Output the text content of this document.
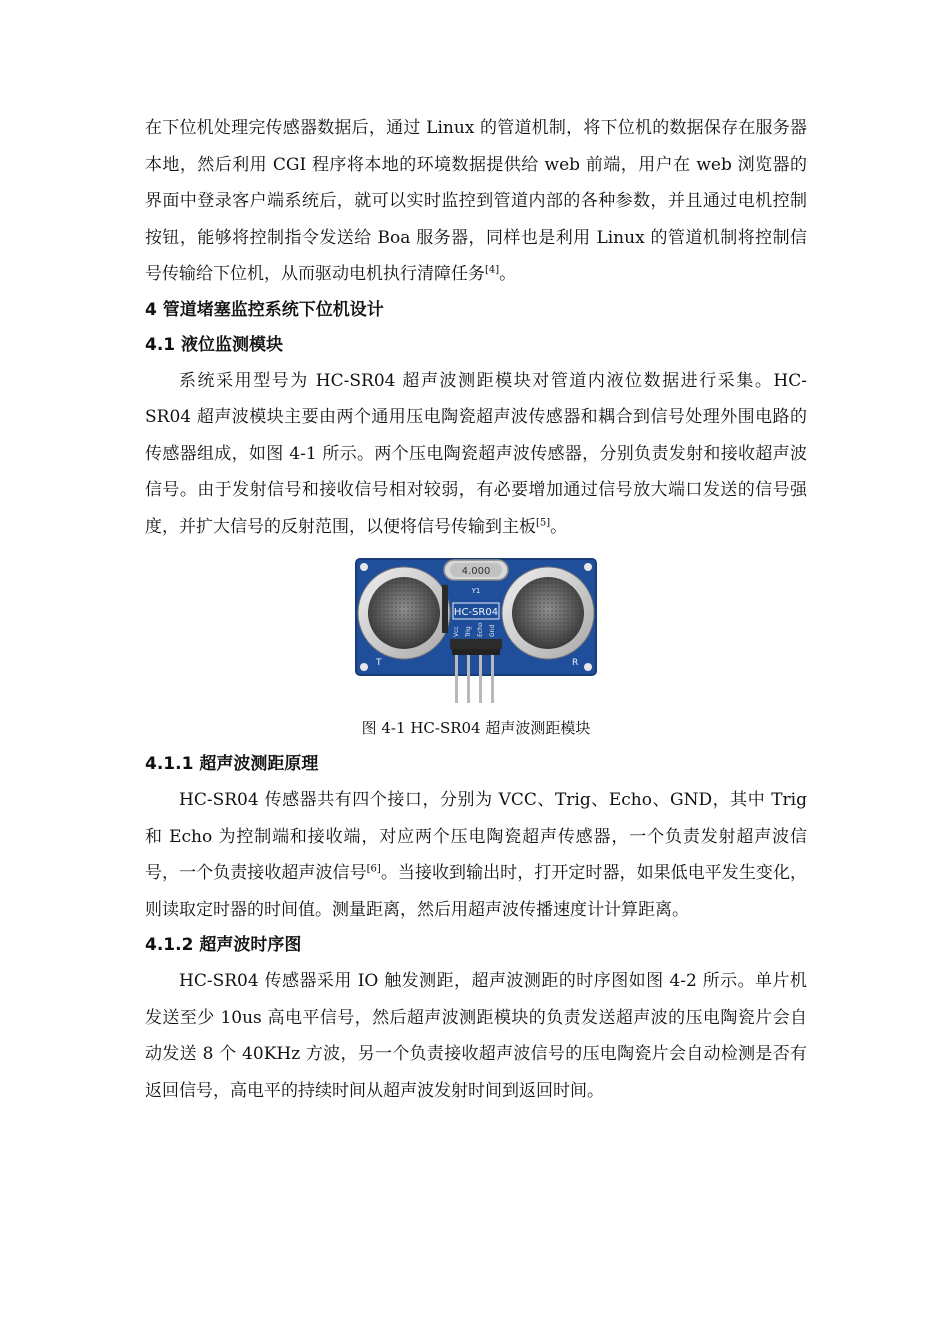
在下位机处理完传感器数据后，通过 Linux 的管道机制，将下位机的数据保存在服务器本地，然后利用 CGI 程序将本地的环境数据提供给 web 前端，用户在 web 浏览器的界面中登录客户端系统后，就可以实时监控到管道内部的各种参数，并且通过电机控制按钮，能够将控制指令发送给 Boa 服务器，同样也是利用 Linux 的管道机制将控制信号传输给下位机，从而驱动电机执行清障任务[4]。

4 管道堵塞监控系统下位机设计
4.1 液位监测模块

系统采用型号为 HC-SR04 超声波测距模块对管道内液位数据进行采集。HC-SR04 超声波模块主要由两个通用压电陶瓷超声波传感器和耦合到信号处理外围电路的传感器组成，如图 4-1 所示。两个压电陶瓷超声波传感器，分别负责发射和接收超声波信号。由于发射信号和接收信号相对较弱，有必要增加通过信号放大端口发送的信号强度，并扩大信号的反射范围，以便将信号传输到主板[5]。

4.000
Y1
HC-SR04
Vcc Trig Echo Gnd
T	R
图 4-1 HC-SR04 超声波测距模块
4.1.1 超声波测距原理

HC-SR04 传感器共有四个接口，分别为 VCC、Trig、Echo、GND，其中 Trig 和 Echo 为控制端和接收端，对应两个压电陶瓷超声传感器，一个负责发射超声波信号，一个负责接收超声波信号[6]。当接收到输出时，打开定时器，如果低电平发生变化，则读取定时器的时间值。测量距离，然后用超声波传播速度计计算距离。

4.1.2 超声波时序图

HC-SR04 传感器采用 IO 触发测距，超声波测距的时序图如图 4-2 所示。单片机发送至少 10us 高电平信号，然后超声波测距模块的负责发送超声波的压电陶瓷片会自动发送 8 个 40KHz 方波，另一个负责接收超声波信号的压电陶瓷片会自动检测是否有返回信号，高电平的持续时间从超声波发射时间到返回时间。
